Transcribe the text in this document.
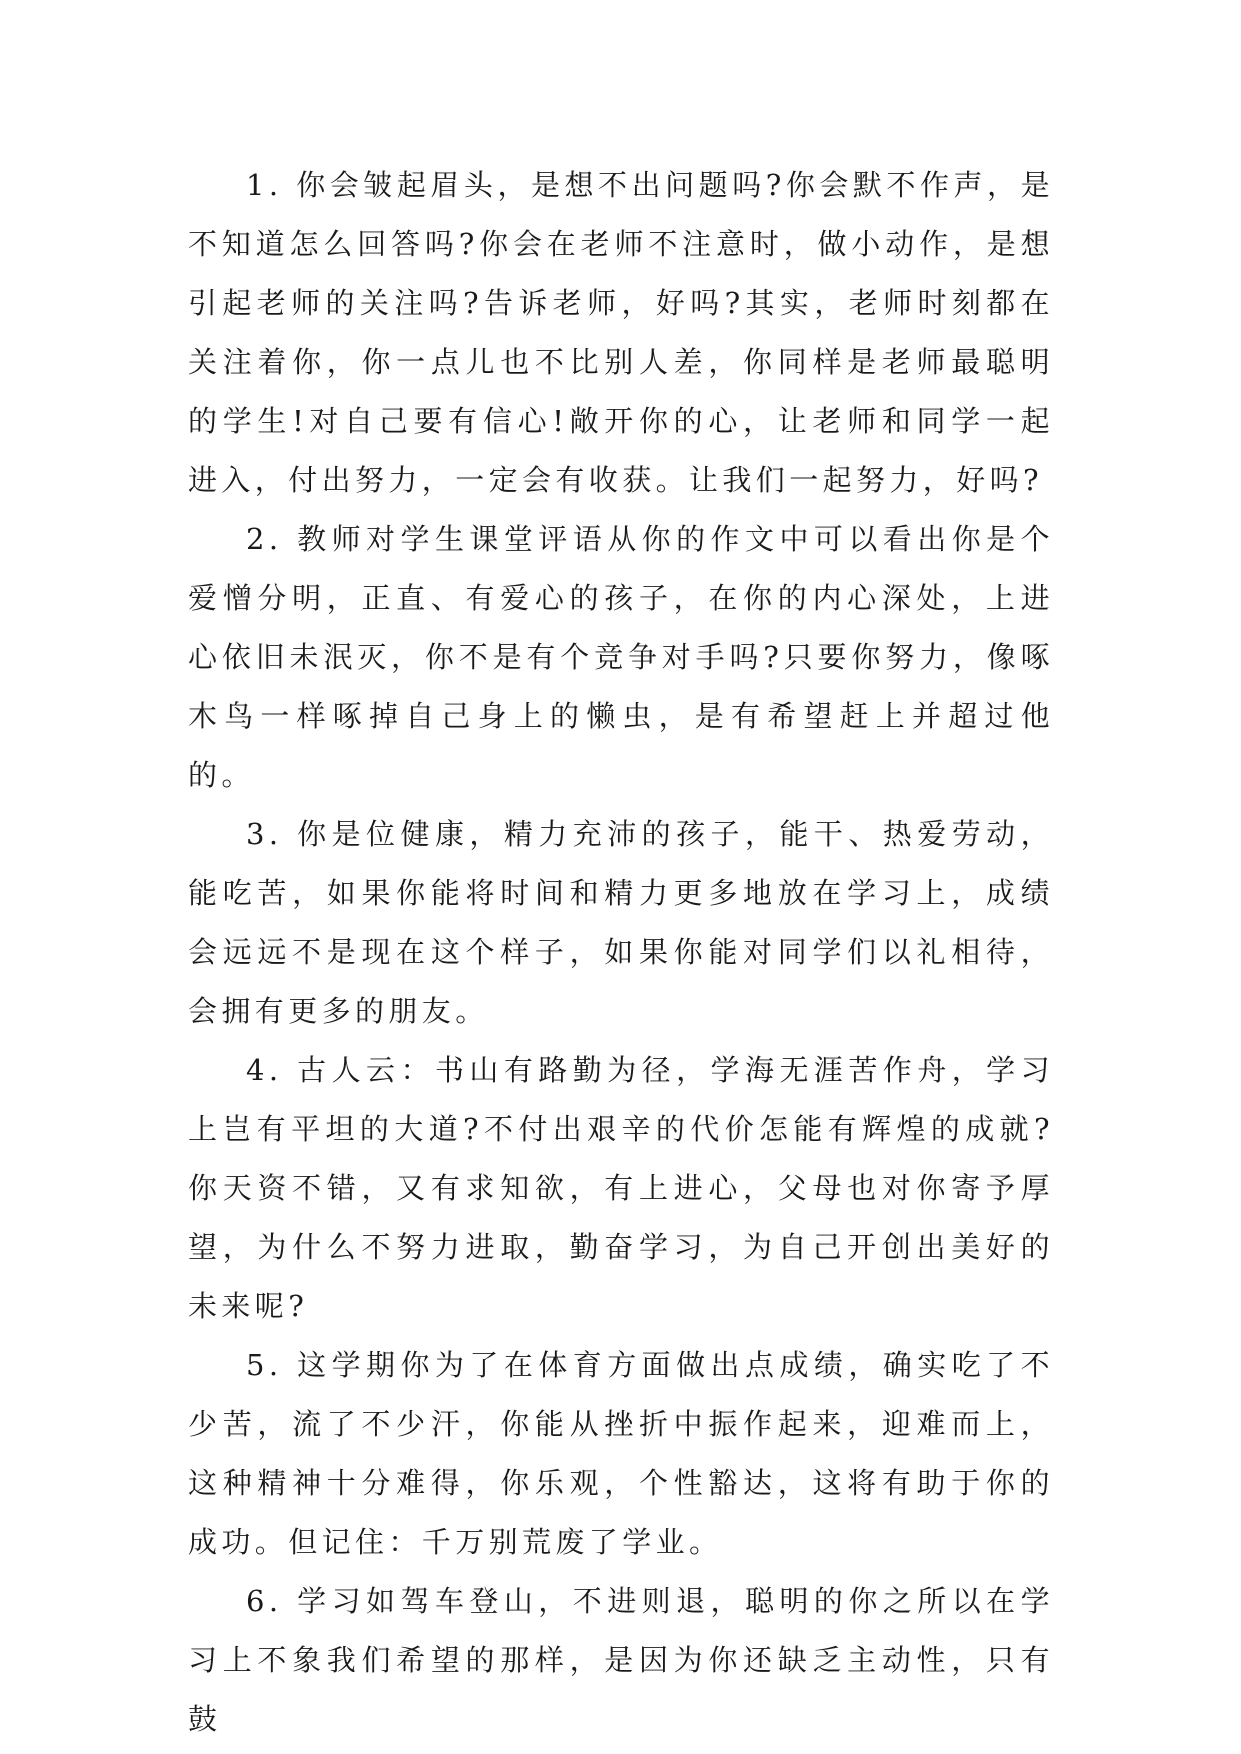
1. 你会皱起眉头，是想不出问题吗?你会默不作声，是不知道怎么回答吗?你会在老师不注意时，做小动作，是想引起老师的关注吗?告诉老师，好吗?其实，老师时刻都在关注着你，你一点儿也不比别人差，你同样是老师最聪明的学生!对自己要有信心!敞开你的心，让老师和同学一起进入，付出努力，一定会有收获。让我们一起努力，好吗?

2. 教师对学生课堂评语从你的作文中可以看出你是个爱憎分明，正直、有爱心的孩子，在你的内心深处，上进心依旧未泯灭，你不是有个竞争对手吗?只要你努力，像啄木鸟一样啄掉自己身上的懒虫，是有希望赶上并超过他的。

3. 你是位健康，精力充沛的孩子，能干、热爱劳动，能吃苦，如果你能将时间和精力更多地放在学习上，成绩会远远不是现在这个样子，如果你能对同学们以礼相待，会拥有更多的朋友。

4. 古人云：书山有路勤为径，学海无涯苦作舟，学习上岂有平坦的大道?不付出艰辛的代价怎能有辉煌的成就?你天资不错，又有求知欲，有上进心，父母也对你寄予厚望，为什么不努力进取，勤奋学习，为自己开创出美好的未来呢?

5. 这学期你为了在体育方面做出点成绩，确实吃了不少苦，流了不少汗，你能从挫折中振作起来，迎难而上，这种精神十分难得，你乐观，个性豁达，这将有助于你的成功。但记住：千万别荒废了学业。

6. 学习如驾车登山，不进则退，聪明的你之所以在学习上不象我们希望的那样，是因为你还缺乏主动性，只有鼓
